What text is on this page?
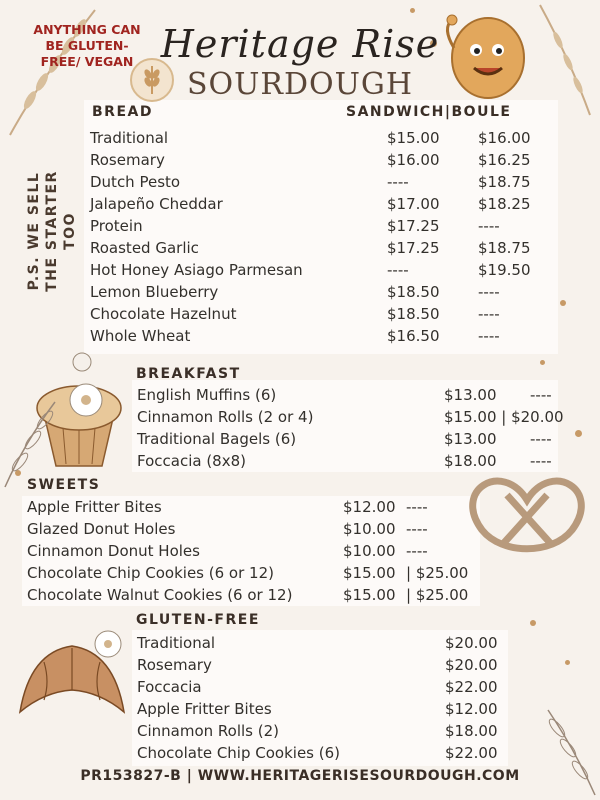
ANYTHING CAN BE GLUTEN-FREE/ VEGAN Heritage Rise
SOURDOUGH
P.S. WE SELL THE STARTER TOO
BREAD	SANDWICH|BOULE
Traditional	$15.00	$16.00
Rosemary	$16.00	$16.25
Dutch Pesto	----	$18.75
Jalapeño Cheddar	$17.00	$18.25
Protein	$17.25	----
Roasted Garlic	$17.25	$18.75
Hot Honey Asiago Parmesan	----	$19.50
Lemon Blueberry	$18.50	----
Chocolate Hazelnut	$18.50	----
Whole Wheat	$16.50	----
BREAKFAST
English Muffins (6)	$13.00 ----
Cinnamon Rolls (2 or 4)	$15.00 | $20.00
Traditional Bagels (6)	$13.00 ----
Foccacia (8x8)	$18.00 ----
SWEETS
Apple Fritter Bites	$12.00 ----
Glazed Donut Holes	$10.00 ----
Cinnamon Donut Holes	$10.00 ----
Chocolate Chip Cookies (6 or 12)	$15.00 | $25.00
Chocolate Walnut Cookies (6 or 12)	$15.00 | $25.00
GLUTEN-FREE
Traditional	$20.00
Rosemary	$20.00
Foccacia	$22.00
Apple Fritter Bites	$12.00
Cinnamon Rolls (2)	$18.00
Chocolate Chip Cookies (6)	$22.00
PR153827-B | WWW.HERITAGERISESOURDOUGH.COM
